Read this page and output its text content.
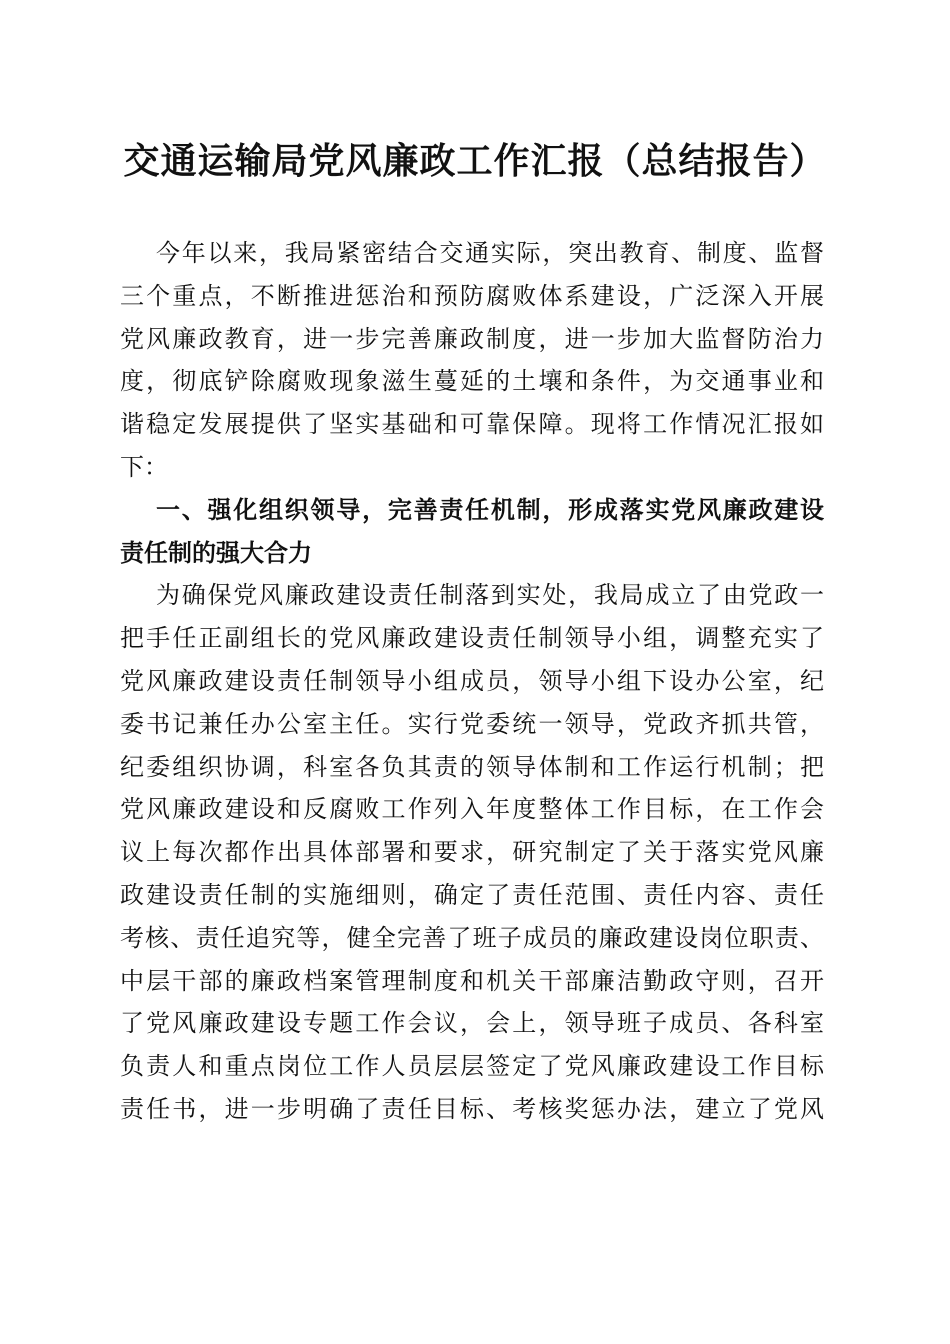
交通运输局党风廉政工作汇报（总结报告）
今年以来，我局紧密结合交通实际，突出教育、制度、监督
三个重点，不断推进惩治和预防腐败体系建设，广泛深入开展
党风廉政教育，进一步完善廉政制度，进一步加大监督防治力
度，彻底铲除腐败现象滋生蔓延的土壤和条件，为交通事业和
谐稳定发展提供了坚实基础和可靠保障。现将工作情况汇报如
下：
一、强化组织领导，完善责任机制，形成落实党风廉政建设
责任制的强大合力
为确保党风廉政建设责任制落到实处，我局成立了由党政一
把手任正副组长的党风廉政建设责任制领导小组，调整充实了
党风廉政建设责任制领导小组成员，领导小组下设办公室，纪
委书记兼任办公室主任。实行党委统一领导，党政齐抓共管，
纪委组织协调，科室各负其责的领导体制和工作运行机制；把
党风廉政建设和反腐败工作列入年度整体工作目标，在工作会
议上每次都作出具体部署和要求，研究制定了关于落实党风廉
政建设责任制的实施细则，确定了责任范围、责任内容、责任
考核、责任追究等，健全完善了班子成员的廉政建设岗位职责、
中层干部的廉政档案管理制度和机关干部廉洁勤政守则，召开
了党风廉政建设专题工作会议，会上，领导班子成员、各科室
负责人和重点岗位工作人员层层签定了党风廉政建设工作目标
责任书，进一步明确了责任目标、考核奖惩办法，建立了党风
